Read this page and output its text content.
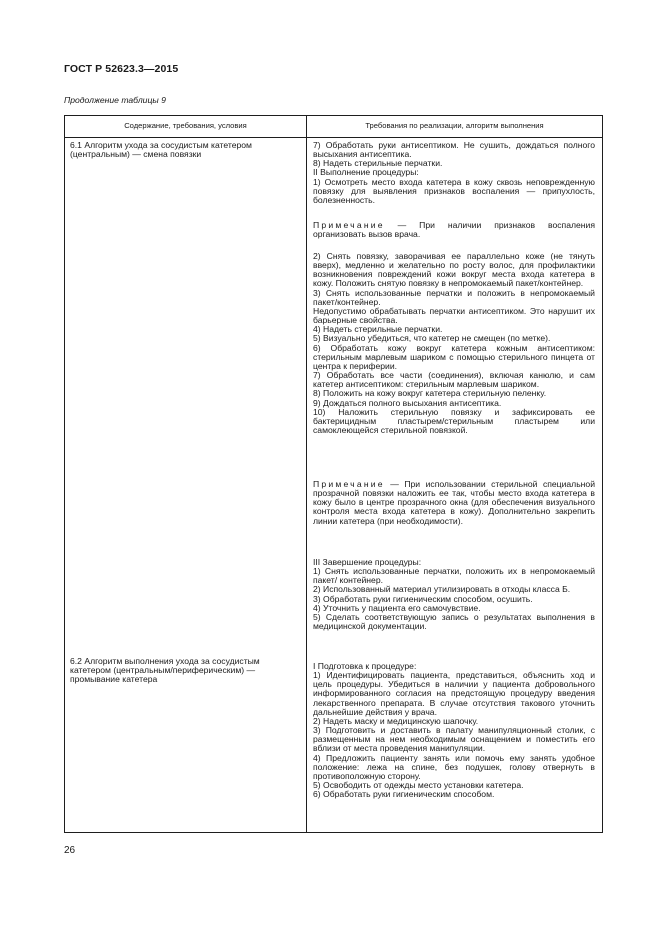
ГОСТ Р 52623.3—2015
Продолжение таблицы 9
Содержание, требования, условия	Требования по реализации, алгоритм выполнения
6.1 Алгоритм ухода за сосудистым катетером (центральным) — смена повязки
6.2 Алгоритм выполнения ухода за сосудистым катетером (центральным/периферическим) — промывание катетера

7) Обработать руки антисептиком. Не сушить, дождаться полного высыхания антисептика.

8) Надеть стерильные перчатки.

II Выполнение процедуры:

1) Осмотреть место входа катетера в кожу сквозь неповрежденную повязку для выявления признаков воспаления — припухлость, болезненность.

Примечание — При наличии признаков воспаления организовать вызов врача.

2) Снять повязку, заворачивая ее параллельно коже (не тянуть вверх), медленно и желательно по росту волос, для профилактики возникновения повреждений кожи вокруг места входа катетера в кожу. Положить снятую повязку в непромокаемый пакет/контейнер.

3) Снять использованные перчатки и положить в непромокаемый пакет/контейнер.

Недопустимо обрабатывать перчатки антисептиком. Это нарушит их барьерные свойства.

4) Надеть стерильные перчатки.

5) Визуально убедиться, что катетер не смещен (по метке).

6) Обработать кожу вокруг катетера кожным антисептиком: стерильным марлевым шариком с помощью стерильного пинцета от центра к периферии.

7) Обработать все части (соединения), включая канюлю, и сам катетер антисептиком: стерильным марлевым шариком.

8) Положить на кожу вокруг катетера стерильную пеленку.

9) Дождаться полного высыхания антисептика.

10) Наложить стерильную повязку и зафиксировать ее бактерицидным пластырем/стерильным пластырем или самоклеющейся стерильной повязкой.

Примечание — При использовании стерильной специальной прозрачной повязки наложить ее так, чтобы место входа катетера в кожу было в центре прозрачного окна (для обеспечения визуального контроля места входа катетера в кожу). Дополнительно закрепить линии катетера (при необходимости).

III Завершение процедуры:

1) Снять использованные перчатки, положить их в непромокаемый пакет/ контейнер.

2) Использованный материал утилизировать в отходы класса Б.

3) Обработать руки гигиеническим способом, осушить.

4) Уточнить у пациента его самочувствие.

5) Сделать соответствующую запись о результатах выполнения в медицинской документации.

I Подготовка к процедуре:

1) Идентифицировать пациента, представиться, объяснить ход и цель процедуры. Убедиться в наличии у пациента добровольного информированного согласия на предстоящую процедуру введения лекарственного препарата. В случае отсутствия такового уточнить дальнейшие действия у врача.

2) Надеть маску и медицинскую шапочку.

3) Подготовить и доставить в палату манипуляционный столик, с размещенным на нем необходимым оснащением и поместить его вблизи от места проведения манипуляции.

4) Предложить пациенту занять или помочь ему занять удобное положение: лежа на спине, без подушек, голову отвернуть в противоположную сторону.

5) Освободить от одежды место установки катетера.

6) Обработать руки гигиеническим способом.

26
